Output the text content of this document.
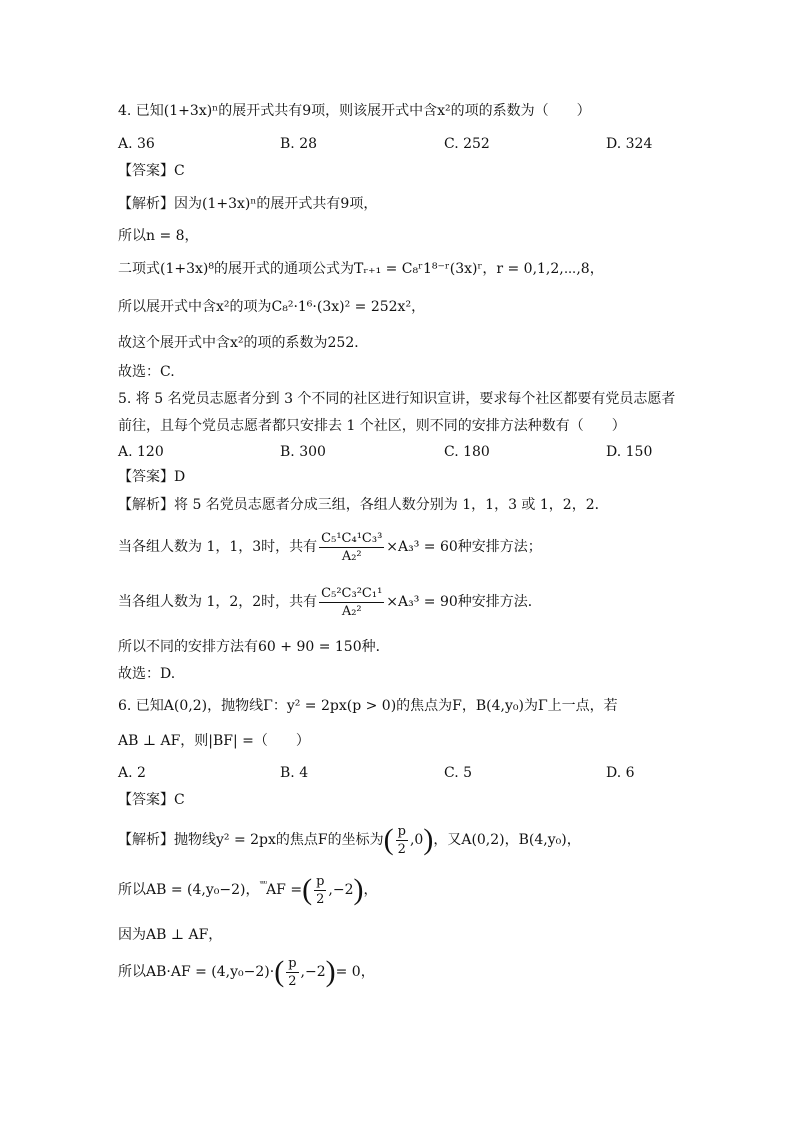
4. 已知(1+3x)ⁿ的展开式共有9项，则该展开式中含x²的项的系数为（　　）
A. 36	B. 28	C. 252	D. 324
【答案】C
【解析】因为(1+3x)ⁿ的展开式共有9项，
所以n = 8，
二项式(1+3x)⁸的展开式的通项公式为Tᵣ₊₁ = C₈ʳ1⁸⁻ʳ(3x)ʳ，r = 0,1,2,⋯,8，
所以展开式中含x²的项为C₈²·1⁶·(3x)² = 252x²，
故这个展开式中含x²的项的系数为252．
故选：C.
5. 将 5 名党员志愿者分到 3 个不同的社区进行知识宣讲，要求每个社区都要有党员志愿者
前往，且每个党员志愿者都只安排去 1 个社区，则不同的安排方法种数有（　　）
A. 120	B. 300	C. 180	D. 150
【答案】D
【解析】将 5 名党员志愿者分成三组，各组人数分别为 1，1，3 或 1，2，2．
当各组人数为 1，1，3时，共有 $\frac{\text{C₅¹C₄¹C₃³}}{\text{A₂²}} \times A_3^3 = 60$种安排方法；
当各组人数为 1，2，2时，共有 $\frac{\text{C₅²C₃²C₁¹}}{\text{A₂²}} \times A_3^3 = 90$种安排方法．
所以不同的安排方法有60 + 90 = 150种．
故选：D.
6. 已知A(0,2)，抛物线Γ：y² = 2px(p > 0)的焦点为F，B(4,y₀)为Γ上一点，若
AB ⊥ AF，则|BF| =（　　）
A. 2	B. 4	C. 5	D. 6
【答案】C
【解析】抛物线y² = 2px的焦点F的坐标为( $\frac{p}{2} ,0$)，又A(0,2)，B(4,y₀)，
所以AB = (4,y₀−2)，$^{ᵘᵘᵘ}$AF =( $\frac{p}{2} ,-2$)，
因为AB ⊥ AF，
所以$AB\cdot AF = (4,y_0-2)\cdot( \frac{p}{2} ,-2)= 0$，
